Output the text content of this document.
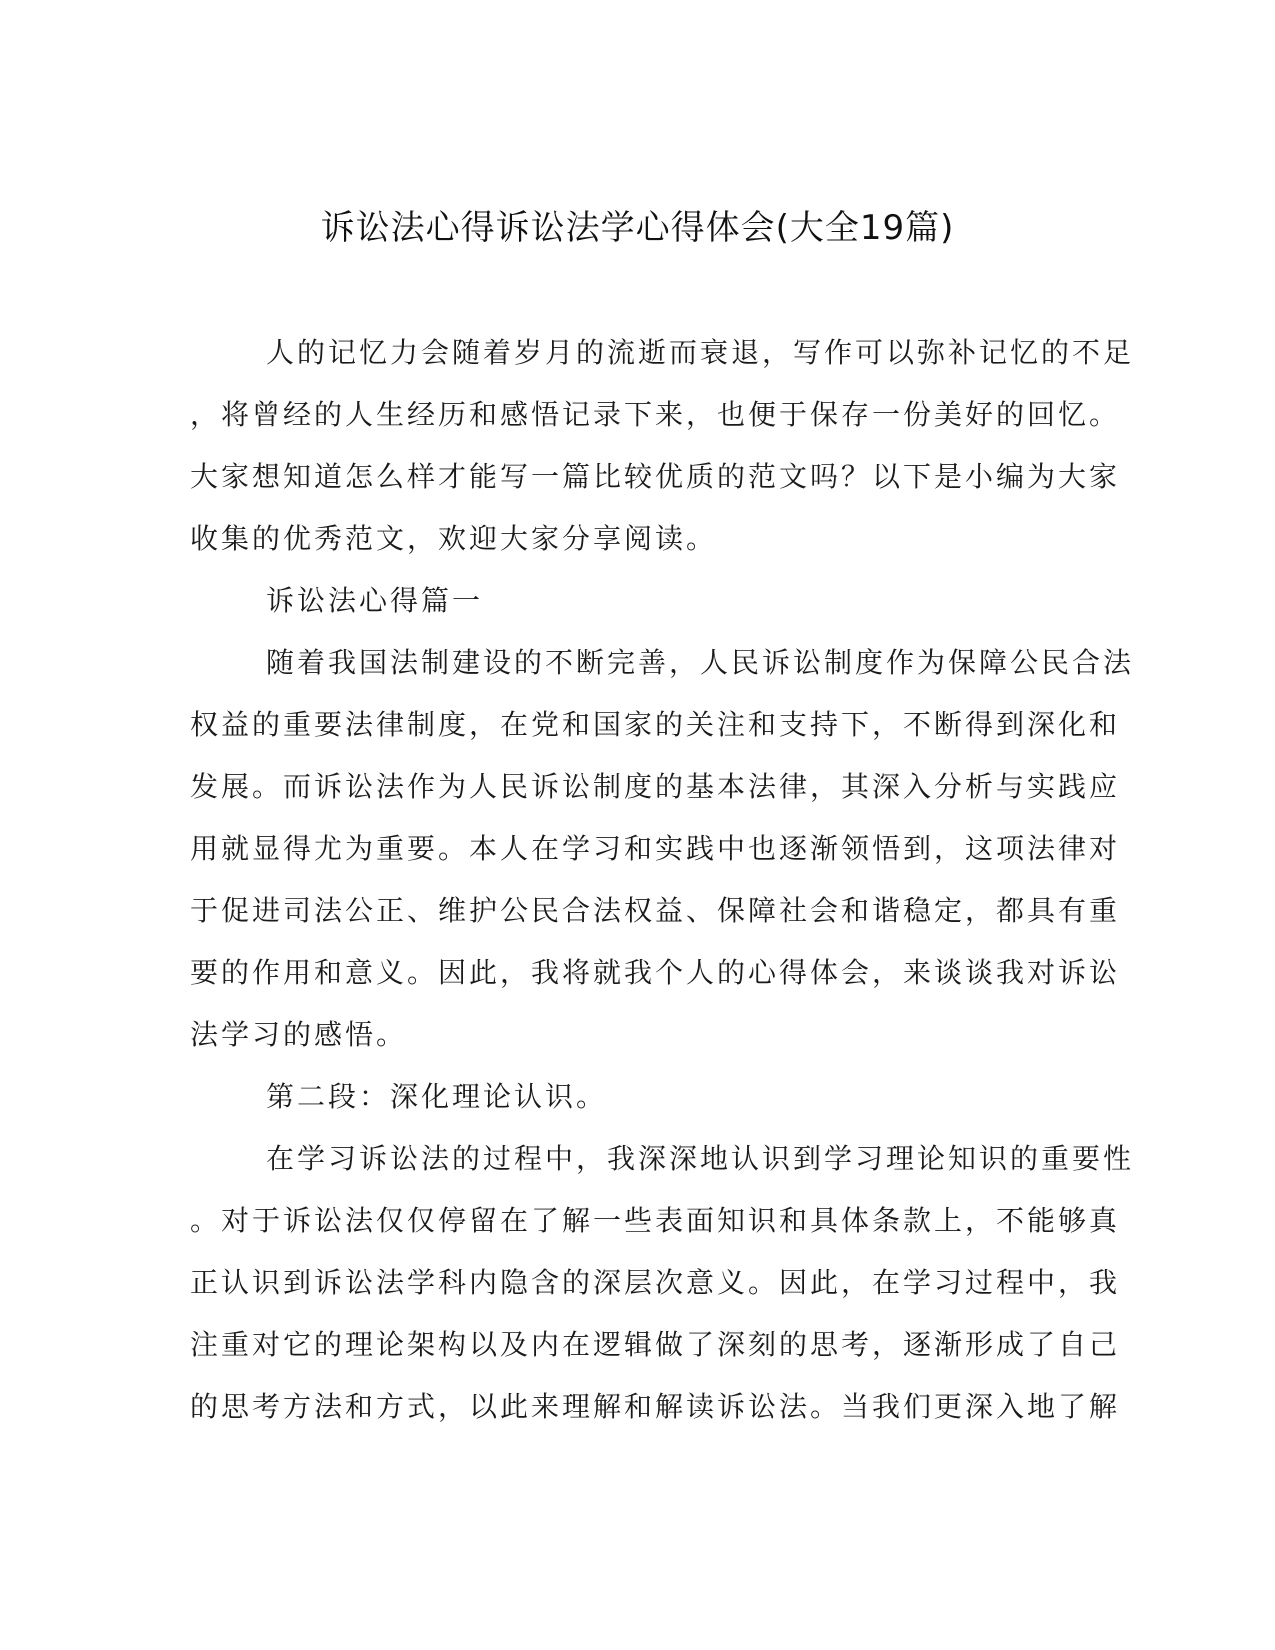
诉讼法心得诉讼法学心得体会(大全19篇)
人的记忆力会随着岁月的流逝而衰退，写作可以弥补记忆的不足
，将曾经的人生经历和感悟记录下来，也便于保存一份美好的回忆。
大家想知道怎么样才能写一篇比较优质的范文吗？以下是小编为大家
收集的优秀范文，欢迎大家分享阅读。
诉讼法心得篇一
随着我国法制建设的不断完善，人民诉讼制度作为保障公民合法
权益的重要法律制度，在党和国家的关注和支持下，不断得到深化和
发展。而诉讼法作为人民诉讼制度的基本法律，其深入分析与实践应
用就显得尤为重要。本人在学习和实践中也逐渐领悟到，这项法律对
于促进司法公正、维护公民合法权益、保障社会和谐稳定，都具有重
要的作用和意义。因此，我将就我个人的心得体会，来谈谈我对诉讼
法学习的感悟。
第二段：深化理论认识。
在学习诉讼法的过程中，我深深地认识到学习理论知识的重要性
。对于诉讼法仅仅停留在了解一些表面知识和具体条款上，不能够真
正认识到诉讼法学科内隐含的深层次意义。因此，在学习过程中，我
注重对它的理论架构以及内在逻辑做了深刻的思考，逐渐形成了自己
的思考方法和方式，以此来理解和解读诉讼法。当我们更深入地了解
